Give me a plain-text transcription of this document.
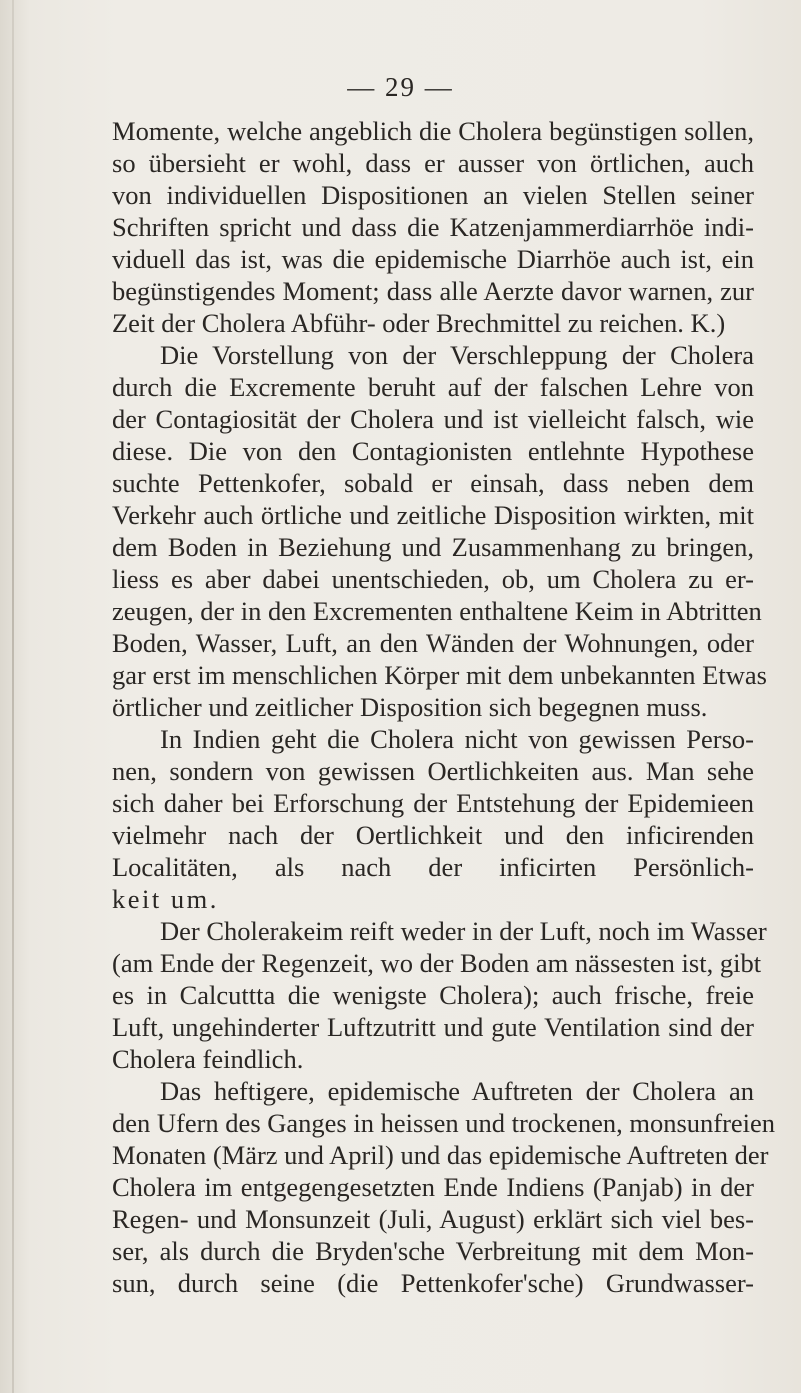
— 29 —
Momente, welche angeblich die Cholera begünstigen sollen,
so übersieht er wohl, dass er ausser von örtlichen, auch
von individuellen Dispositionen an vielen Stellen seiner
Schriften spricht und dass die Katzenjammerdiarrhöe indi-
viduell das ist, was die epidemische Diarrhöe auch ist, ein
begünstigendes Moment; dass alle Aerzte davor warnen, zur
Zeit der Cholera Abführ- oder Brechmittel zu reichen. K.)
Die Vorstellung von der Verschleppung der Cholera
durch die Excremente beruht auf der falschen Lehre von
der Contagiosität der Cholera und ist vielleicht falsch, wie
diese. Die von den Contagionisten entlehnte Hypothese
suchte Pettenkofer, sobald er einsah, dass neben dem
Verkehr auch örtliche und zeitliche Disposition wirkten, mit
dem Boden in Beziehung und Zusammenhang zu bringen,
liess es aber dabei unentschieden, ob, um Cholera zu er-
zeugen, der in den Excrementen enthaltene Keim in Abtritten
Boden, Wasser, Luft, an den Wänden der Wohnungen, oder
gar erst im menschlichen Körper mit dem unbekannten Etwas
örtlicher und zeitlicher Disposition sich begegnen muss.
In Indien geht die Cholera nicht von gewissen Perso-
nen, sondern von gewissen Oertlichkeiten aus. Man sehe
sich daher bei Erforschung der Entstehung der Epidemieen
vielmehr nach der Oertlichkeit und den inficirenden
Localitäten, als nach der inficirten Persönlich-
keit um.
Der Cholerakeim reift weder in der Luft, noch im Wasser
(am Ende der Regenzeit, wo der Boden am nässesten ist, gibt
es in Calcuttta die wenigste Cholera); auch frische, freie
Luft, ungehinderter Luftzutritt und gute Ventilation sind der
Cholera feindlich.
Das heftigere, epidemische Auftreten der Cholera an
den Ufern des Ganges in heissen und trockenen, monsunfreien
Monaten (März und April) und das epidemische Auftreten der
Cholera im entgegengesetzten Ende Indiens (Panjab) in der
Regen- und Monsunzeit (Juli, August) erklärt sich viel bes-
ser, als durch die Bryden'sche Verbreitung mit dem Mon-
sun, durch seine (die Pettenkofer'sche) Grundwasser-
